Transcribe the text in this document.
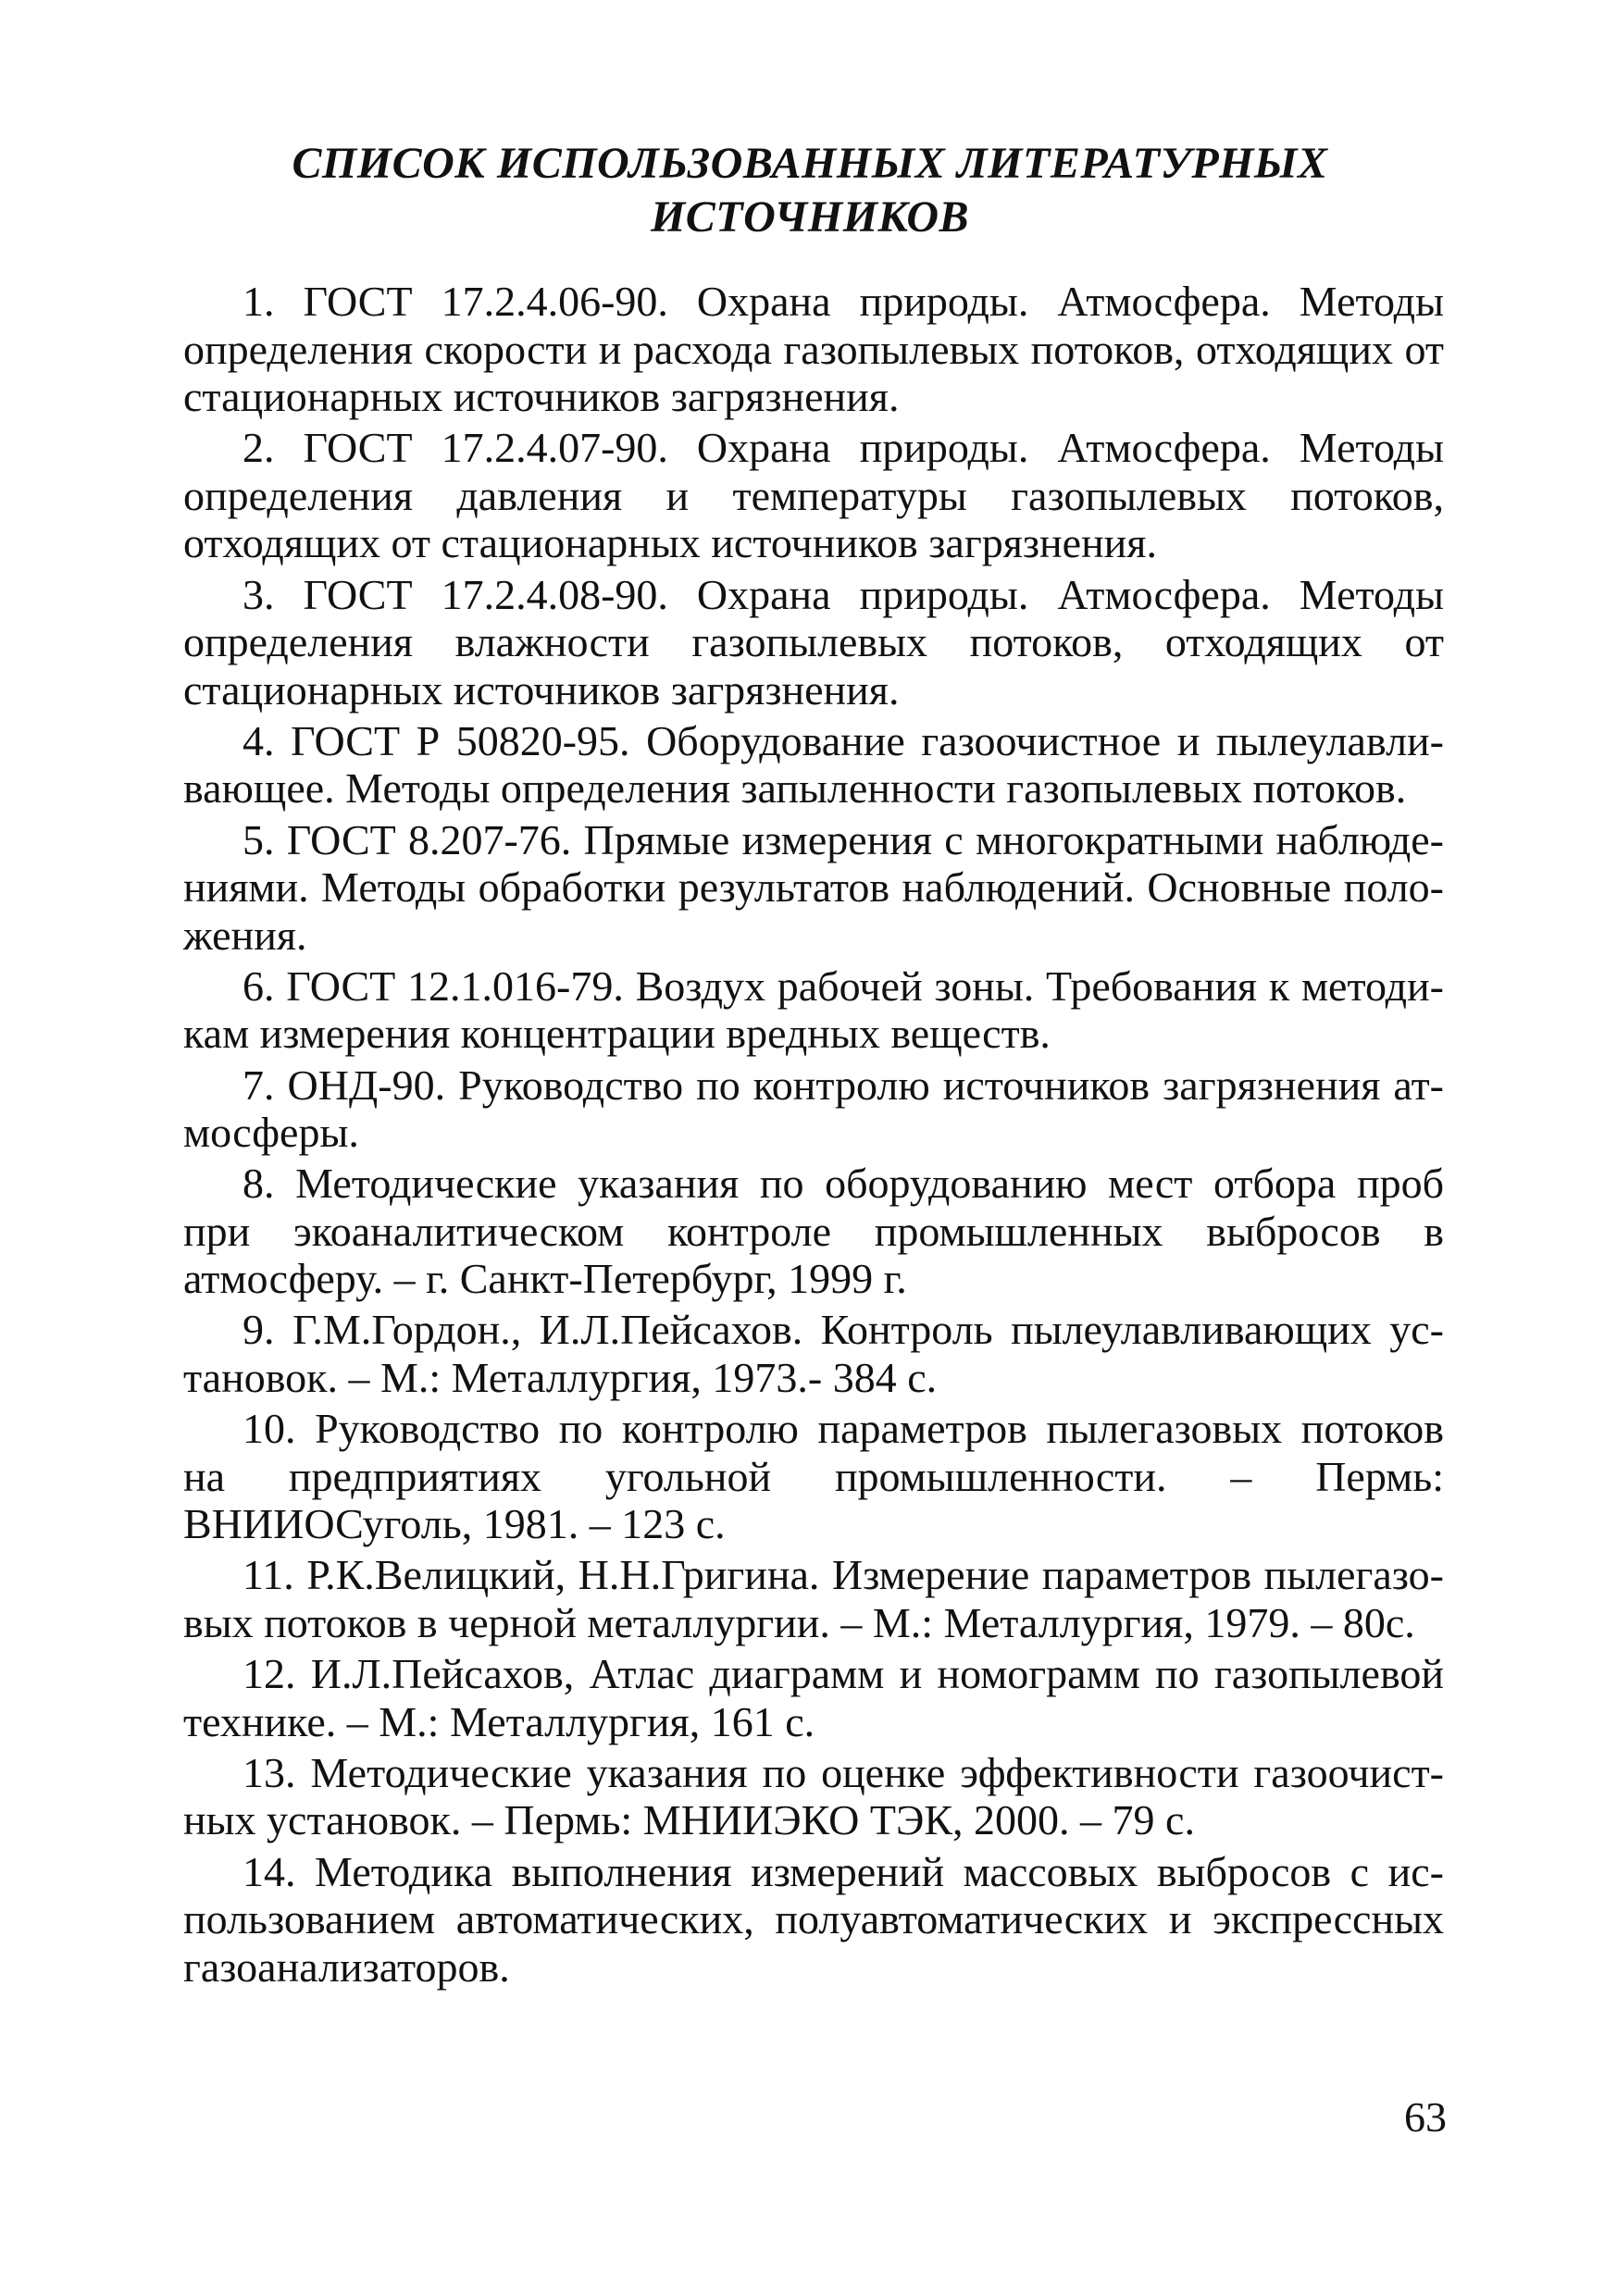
СПИСОК ИСПОЛЬЗОВАННЫХ ЛИТЕРАТУРНЫХ
ИСТОЧНИКОВ
1. ГОСТ 17.2.4.06-90. Охрана природы. Атмосфера. Методы определения скорости и расхода газопылевых потоков, отходящих от стационарных источников загрязнения.
2. ГОСТ 17.2.4.07-90. Охрана природы. Атмосфера. Методы определения давления и температуры газопылевых потоков, отходящих от стационарных источников загрязнения.
3. ГОСТ 17.2.4.08-90. Охрана природы. Атмосфера. Методы определения влажности газопылевых потоков, отходящих от стационарных источников загрязнения.
4. ГОСТ Р 50820-95. Оборудование газоочистное и пылеулавливающее. Методы определения запыленности газопылевых потоков.
5. ГОСТ 8.207-76. Прямые измерения с многократными наблюдениями. Методы обработки результатов наблюдений. Основные положения.
6. ГОСТ 12.1.016-79. Воздух рабочей зоны. Требования к методикам измерения концентрации вредных веществ.
7. ОНД-90. Руководство по контролю источников загрязнения атмосферы.
8. Методические указания по оборудованию мест отбора проб при экоаналитическом контроле промышленных выбросов в атмосферу. – г. Санкт-Петербург, 1999 г.
9. Г.М.Гордон., И.Л.Пейсахов. Контроль пылеулавливающих установок. – М.: Металлургия, 1973.- 384 с.
10. Руководство по контролю параметров пылегазовых потоков на предприятиях угольной промышленности. – Пермь: ВНИИОСуголь, 1981. – 123 с.
11. Р.К.Велицкий, Н.Н.Григина. Измерение параметров пылегазовых потоков в черной металлургии. – М.: Металлургия, 1979. – 80с.
12. И.Л.Пейсахов, Атлас диаграмм и номограмм по газопылевой технике. – М.: Металлургия, 161 с.
13. Методические указания по оценке эффективности газоочистных установок. – Пермь: МНИИЭКО ТЭК, 2000. – 79 с.
14. Методика выполнения измерений массовых выбросов с использованием автоматических, полуавтоматических и экспрессных газоанализаторов.
63
